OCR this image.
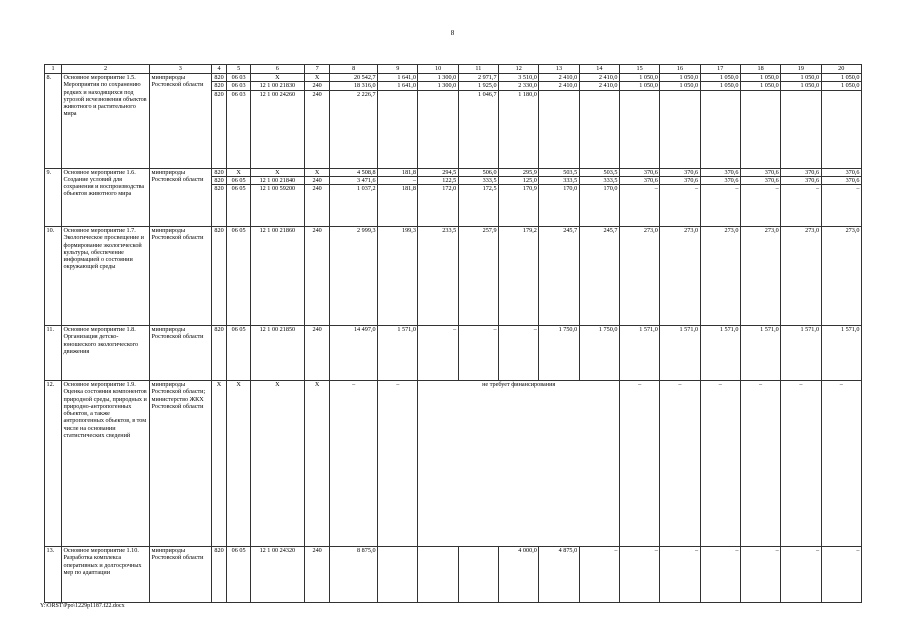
8
1	2	3	4	5	6	7	8	9	10	11	12	13	14	15	16	17	18	19	20
8.	Основное мероприятие 1.5. Мероприятия по сохранению редких и находящихся под угрозой исчезновения объектов животного и растительного мира	минприроды Ростовской области	820	06 03	Х	Х	20 542,7	1 641,0	1 300,0	2 971,7	3 510,0	2 410,0	2 410,0	1 050,0	1 050,0	1 050,0	1 050,0	1 050,0	1 050,0
			820	06 03	12 1 00 21830	240	18 316,0	1 641,0	1 300,0	1 925,0	2 330,0	2 410,0	2 410,0	1 050,0	1 050,0	1 050,0	1 050,0	1 050,0	1 050,0
			820	06 03	12 1 00 24260	240	2 226,7			1 046,7	1 180,0								
9.	Основное мероприятие 1.6. Создание условий для сохранения и воспроизводства объектов животного мира	минприроды Ростовской области	820	Х	Х	Х	4 508,8	181,8	294,5	506,0	295,9	503,5	503,5	370,6	370,6	370,6	370,6	370,6	370,6
			820	06 05	12 1 00 21840	240	3 471,6	–	122,5	333,5	125,0	333,5	333,5	370,6	370,6	370,6	370,6	370,6	370,6
			820	06 05	12 1 00 59200	240	1 037,2	181,8	172,0	172,5	170,9	170,0	170,0	–	–	–	–	–	–
10.	Основное мероприятие 1.7. Экологическое просвещение и формирование экологической культуры, обеспечение информацией о состоянии окружающей среды	минприроды Ростовской области	820	06 05	12 1 00 21860	240	2 999,3	199,3	233,5	257,9	179,2	245,7	245,7	273,0	273,0	273,0	273,0	273,0	273,0
11.	Основное мероприятие 1.8. Организация детско-юношеского экологического движения	минприроды Ростовской области	820	06 05	12 1 00 21850	240	14 497,0	1 571,0	–	–	–	1 750,0	1 750,0	1 571,0	1 571,0	1 571,0	1 571,0	1 571,0	1 571,0
12.	Основное мероприятие 1.9. Оценка состояния компонентов природной среды, природных и природно-антропогенных объектов, а также антропогенных объектов, в том числе на основании статистических сведений	минприроды Ростовской области; министерство ЖКХ Ростовской области	Х	Х	Х	Х	–	–	не требует финансирования					–	–	–	–	–	–
13.	Основное мероприятие 1.10. Разработка комплекса оперативных и долгосрочных мер по адаптации	минприроды Ростовской области	820	06 05	12 1 00 24320	240	8 875,0				4 000,0	4 875,0	–	–	–	–	–	–	–
Y:\ORST\Ppo\1229p1187.f22.docx
